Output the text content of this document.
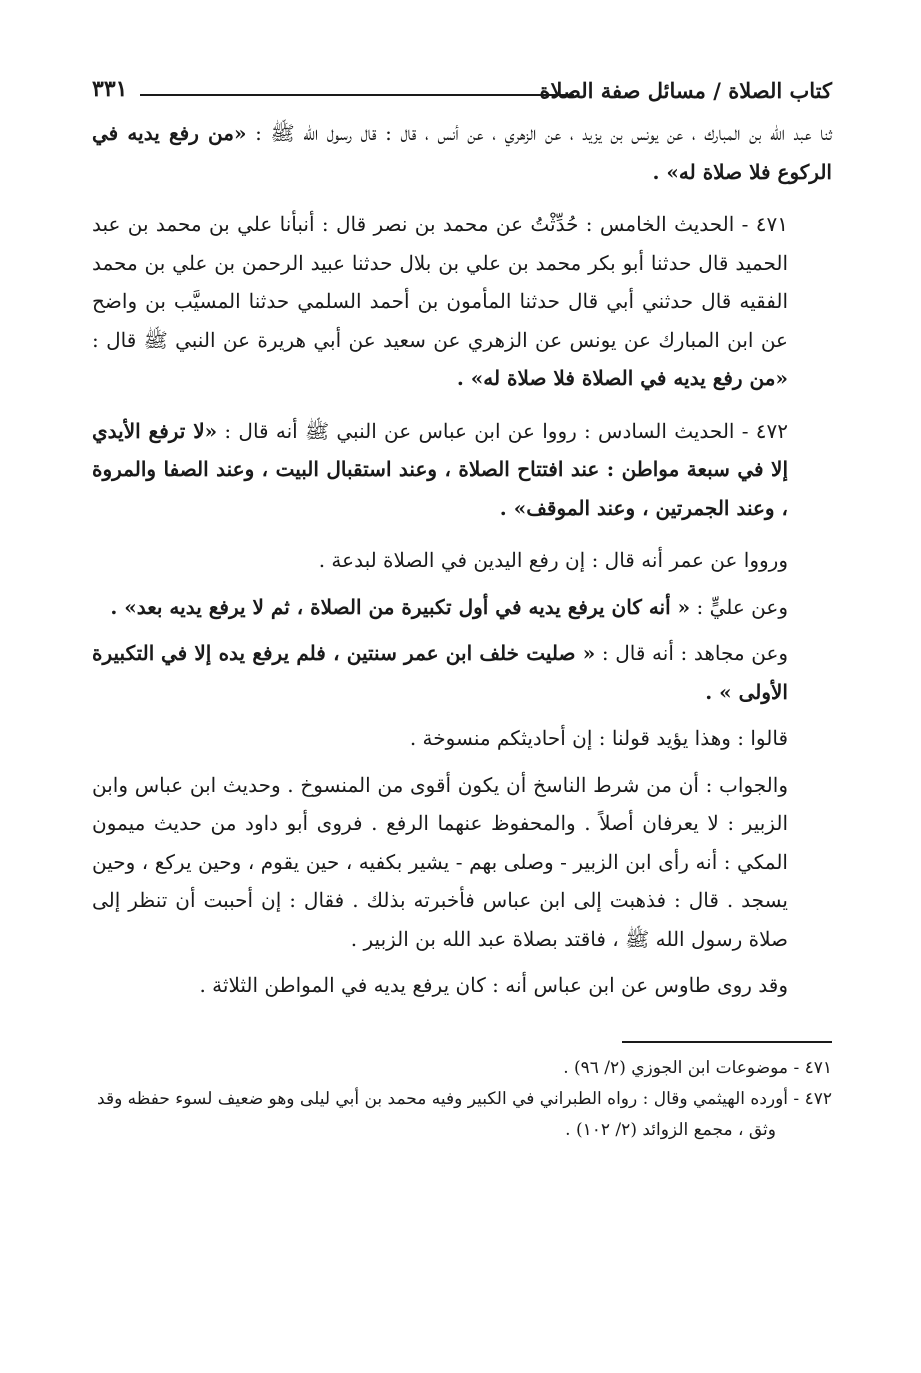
كتاب الصلاة / مسائل صفة الصلاة
٣٣١

ثنا عبد الله بن المبارك ، عن يونس بن يزيد ، عن الزهري ، عن أنس ، قال : قال رسول الله ﷺ : «من رفع يديه في الركوع فلا صلاة له» .

٤٧١ - الحديث الخامس : حُدِّثْتُ عن محمد بن نصر قال : أنبأنا علي بن محمد بن عبد الحميد قال حدثنا أبو بكر محمد بن علي بن بلال حدثنا عبيد الرحمن بن علي بن محمد الفقيه قال حدثني أبي قال حدثنا المأمون بن أحمد السلمي حدثنا المسيَّب بن واضح عن ابن المبارك عن يونس عن الزهري عن سعيد عن أبي هريرة عن النبي ﷺ قال : «من رفع يديه في الصلاة فلا صلاة له» .

٤٧٢ - الحديث السادس : رووا عن ابن عباس عن النبي ﷺ أنه قال : «لا ترفع الأيدي إلا في سبعة مواطن : عند افتتاح الصلاة ، وعند استقبال البيت ، وعند الصفا والمروة ، وعند الجمرتين ، وعند الموقف» .

ورووا عن عمر أنه قال : إن رفع اليدين في الصلاة لبدعة .

وعن عليٍّ : « أنه كان يرفع يديه في أول تكبيرة من الصلاة ، ثم لا يرفع يديه بعد» .

وعن مجاهد : أنه قال : « صليت خلف ابن عمر سنتين ، فلم يرفع يده إلا في التكبيرة الأولى » .

قالوا : وهذا يؤيد قولنا : إن أحاديثكم منسوخة .

والجواب : أن من شرط الناسخ أن يكون أقوى من المنسوخ . وحديث ابن عباس وابن الزبير : لا يعرفان أصلاً . والمحفوظ عنهما الرفع . فروى أبو داود من حديث ميمون المكي : أنه رأى ابن الزبير - وصلى بهم - يشير بكفيه ، حين يقوم ، وحين يركع ، وحين يسجد . قال : فذهبت إلى ابن عباس فأخبرته بذلك . فقال : إن أحببت أن تنظر إلى صلاة رسول الله ﷺ ، فاقتد بصلاة عبد الله بن الزبير .

وقد روى طاوس عن ابن عباس أنه : كان يرفع يديه في المواطن الثلاثة .

٤٧١ - موضوعات ابن الجوزي (٢/ ٩٦) .

٤٧٢ - أورده الهيثمي وقال : رواه الطبراني في الكبير وفيه محمد بن أبي ليلى وهو ضعيف لسوء حفظه وقد

وثق ، مجمع الزوائد (٢/ ١٠٢) .
